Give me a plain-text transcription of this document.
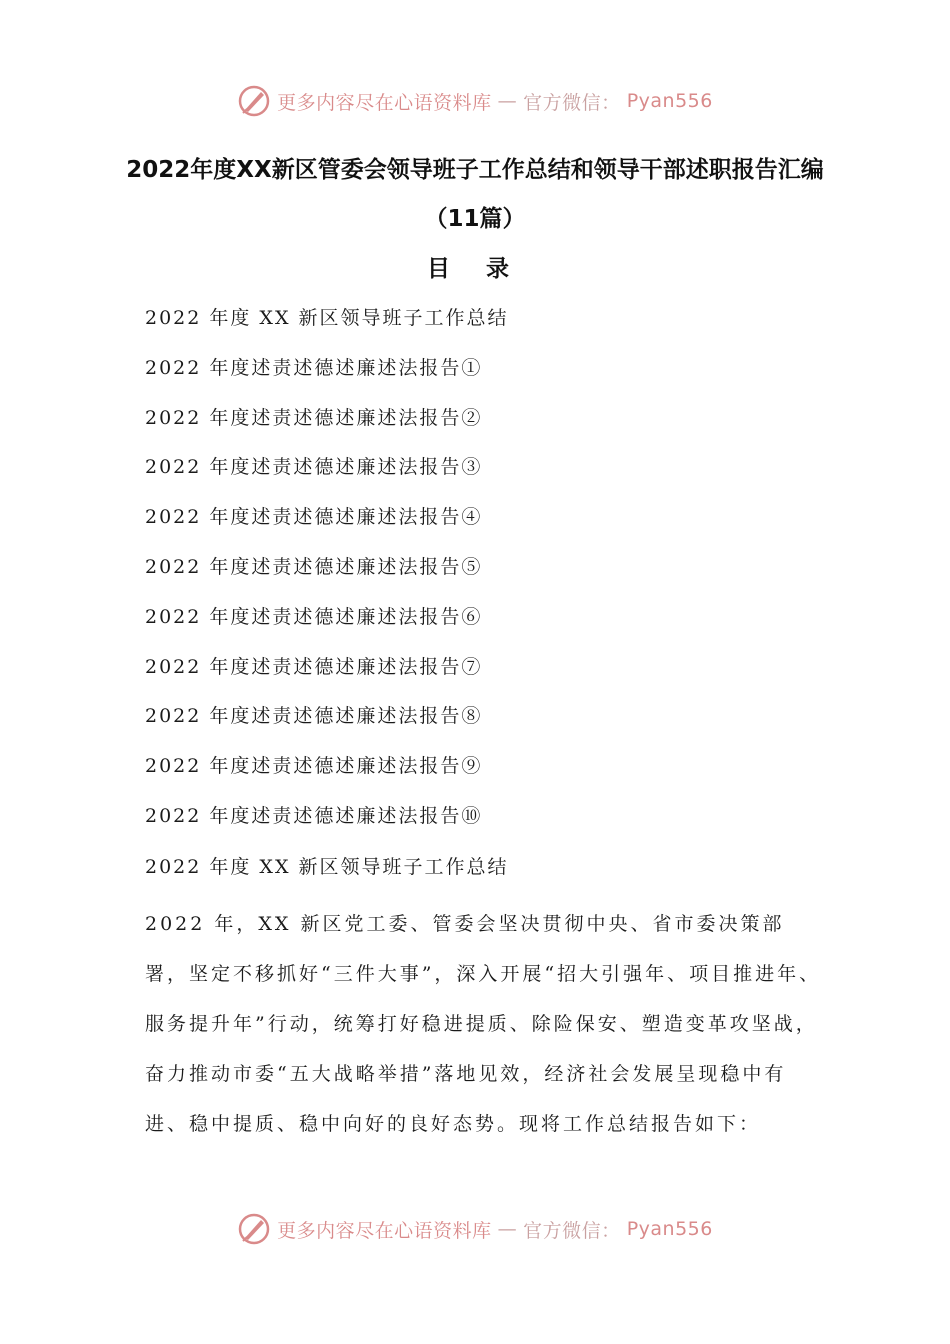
更多内容尽在心语资料库 — 官方微信： Pyan556
2022年度XX新区管委会领导班子工作总结和领导干部述职报告汇编（11篇）
目 录
2022 年度 XX 新区领导班子工作总结
2022 年度述责述德述廉述法报告①
2022 年度述责述德述廉述法报告②
2022 年度述责述德述廉述法报告③
2022 年度述责述德述廉述法报告④
2022 年度述责述德述廉述法报告⑤
2022 年度述责述德述廉述法报告⑥
2022 年度述责述德述廉述法报告⑦
2022 年度述责述德述廉述法报告⑧
2022 年度述责述德述廉述法报告⑨
2022 年度述责述德述廉述法报告⑩
2022 年度 XX 新区领导班子工作总结

2022 年，XX 新区党工委、管委会坚决贯彻中央、省市委决策部署，坚定不移抓好“三件大事”，深入开展“招大引强年、项目推进年、服务提升年”行动，统筹打好稳进提质、除险保安、塑造变革攻坚战，奋力推动市委“五大战略举措”落地见效，经济社会发展呈现稳中有进、稳中提质、稳中向好的良好态势。现将工作总结报告如下：

更多内容尽在心语资料库 — 官方微信： Pyan556
